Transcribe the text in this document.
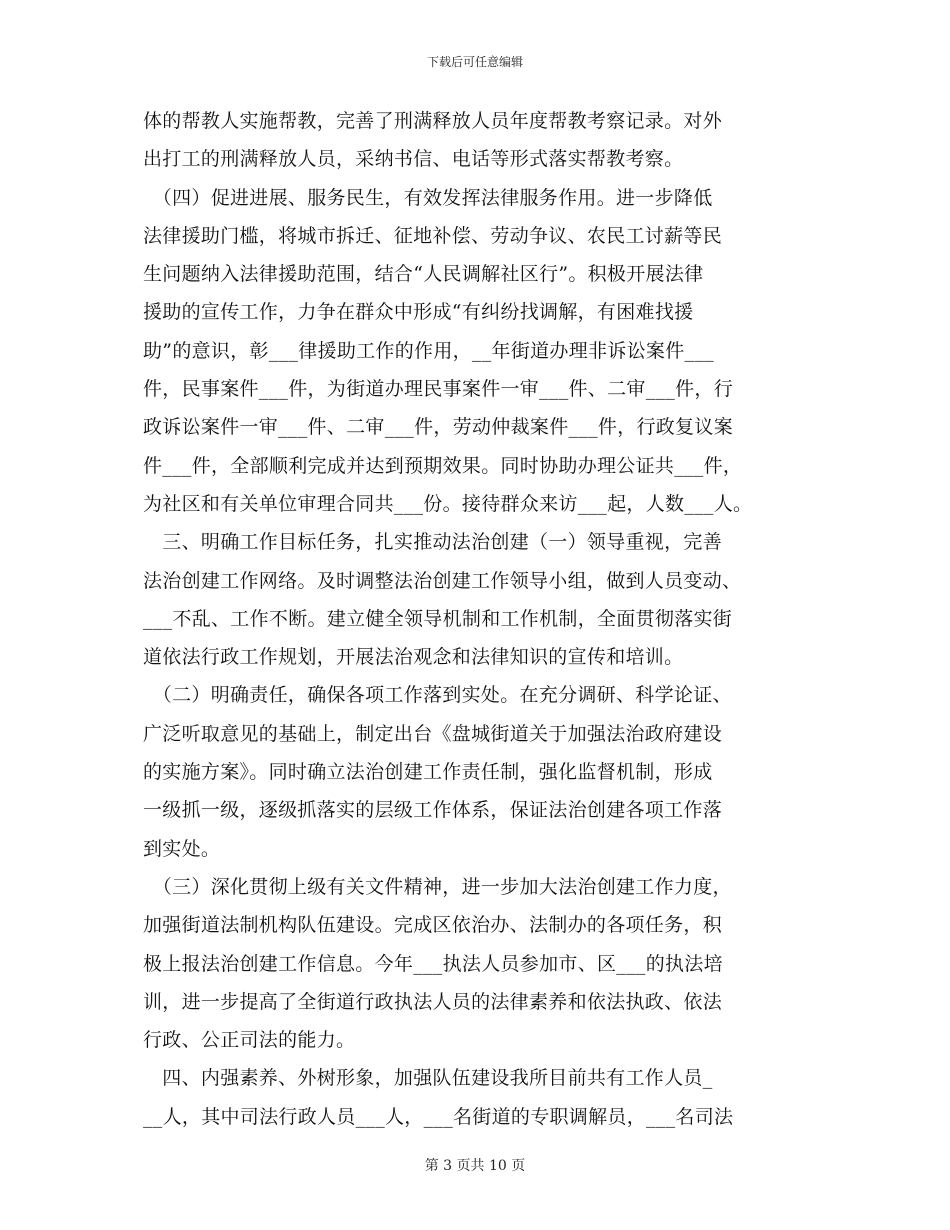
下载后可任意编辑
体的帮教人实施帮教，完善了刑满释放人员年度帮教考察记录。对外
出打工的刑满释放人员，采纳书信、电话等形式落实帮教考察。
　（四）促进进展、服务民生，有效发挥法律服务作用。进一步降低
法律援助门槛，将城市拆迁、征地补偿、劳动争议、农民工讨薪等民
生问题纳入法律援助范围，结合“人民调解社区行”。积极开展法律
援助的宣传工作，力争在群众中形成“有纠纷找调解，有困难找援
助”的意识，彰___律援助工作的作用，__年街道办理非诉讼案件___
件，民事案件___件，为街道办理民事案件一审___件、二审___件，行
政诉讼案件一审___件、二审___件，劳动仲裁案件___件，行政复议案
件___件，全部顺利完成并达到预期效果。同时协助办理公证共___件，
为社区和有关单位审理合同共___份。接待群众来访___起，人数___人。
　三、明确工作目标任务，扎实推动法治创建（一）领导重视，完善
法治创建工作网络。及时调整法治创建工作领导小组，做到人员变动、
___不乱、工作不断。建立健全领导机制和工作机制，全面贯彻落实街
道依法行政工作规划，开展法治观念和法律知识的宣传和培训。
　（二）明确责任，确保各项工作落到实处。在充分调研、科学论证、
广泛听取意见的基础上，制定出台《盘城街道关于加强法治政府建设
的实施方案》。同时确立法治创建工作责任制，强化监督机制，形成
一级抓一级，逐级抓落实的层级工作体系，保证法治创建各项工作落
到实处。
　（三）深化贯彻上级有关文件精神，进一步加大法治创建工作力度，
加强街道法制机构队伍建设。完成区依治办、法制办的各项任务，积
极上报法治创建工作信息。今年___执法人员参加市、区___的执法培
训，进一步提高了全街道行政执法人员的法律素养和依法执政、依法
行政、公正司法的能力。
　四、内强素养、外树形象，加强队伍建设我所目前共有工作人员_
__人，其中司法行政人员___人，___名街道的专职调解员，___名司法
第 3 页共 10 页
